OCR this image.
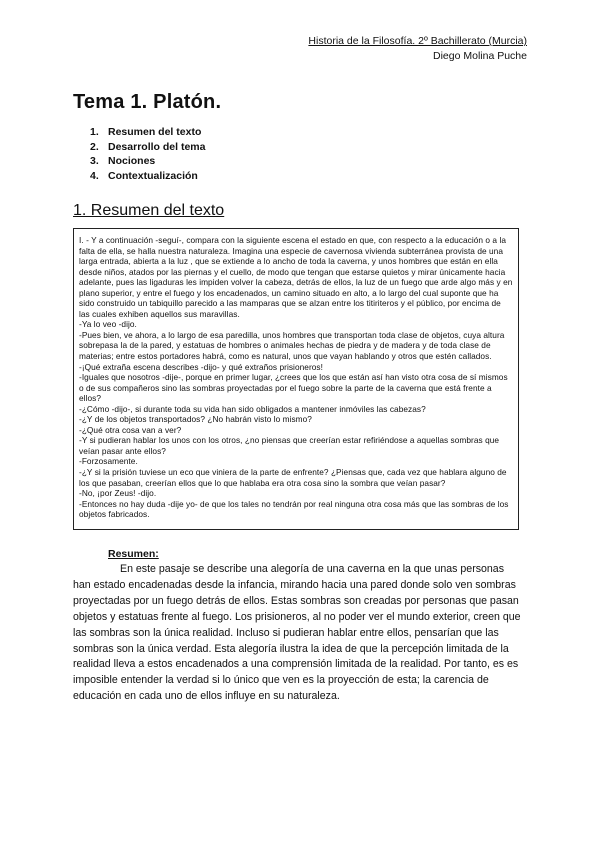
Historia de la Filosofía. 2º Bachillerato (Murcia)
Diego Molina Puche
Tema 1. Platón.
1. Resumen del texto
2. Desarrollo del tema
3. Nociones
4. Contextualización
1. Resumen del texto

I. - Y a continuación -seguí-, compara con la siguiente escena el estado en que, con respecto a la educación o a la falta de ella, se halla nuestra naturaleza. Imagina una especie de cavernosa vivienda subterránea provista de una larga entrada, abierta a la luz , que se extiende a lo ancho de toda la caverna, y unos hombres que están en ella desde niños, atados por las piernas y el cuello, de modo que tengan que estarse quietos y mirar únicamente hacia adelante, pues las ligaduras les impiden volver la cabeza, detrás de ellos, la luz de un fuego que arde algo más y en plano superior, y entre el fuego y los encadenados, un camino situado en alto, a lo largo del cual suponte que ha sido construido un tabiquillo parecido a las mamparas que se alzan entre los titiriteros y el público, por encima de las cuales exhiben aquellos sus maravillas.

-Ya lo veo -dijo.

-Pues bien, ve ahora, a lo largo de esa paredilla, unos hombres que transportan toda clase de objetos, cuya altura sobrepasa la de la pared, y estatuas de hombres o animales hechas de piedra y de madera y de toda clase de materias; entre estos portadores habrá, como es natural, unos que vayan hablando y otros que estén callados.

-¡Qué extraña escena describes -dijo- y qué extraños prisioneros!

-Iguales que nosotros -dije-, porque en primer lugar, ¿crees que los que están así han visto otra cosa de sí mismos o de sus compañeros sino las sombras proyectadas por el fuego sobre la parte de la caverna que está frente a ellos?

-¿Cómo -dijo-, si durante toda su vida han sido obligados a mantener inmóviles las cabezas?

-¿Y de los objetos transportados? ¿No habrán visto lo mismo?

-¿Qué otra cosa van a ver?

-Y si pudieran hablar los unos con los otros, ¿no piensas que creerían estar refiriéndose a aquellas sombras que veían pasar ante ellos?

-Forzosamente.

-¿Y si la prisión tuviese un eco que viniera de la parte de enfrente? ¿Piensas que, cada vez que hablara alguno de los que pasaban, creerían ellos que lo que hablaba era otra cosa sino la sombra que veían pasar?

-No, ¡por Zeus! -dijo.

-Entonces no hay duda -dije yo- de que los tales no tendrán por real ninguna otra cosa más que las sombras de los objetos fabricados.

Resumen:

En este pasaje se describe una alegoría de una caverna en la que unas personas han estado encadenadas desde la infancia, mirando hacia una pared donde solo ven sombras proyectadas por un fuego detrás de ellos. Estas sombras son creadas por personas que pasan objetos y estatuas frente al fuego. Los prisioneros, al no poder ver el mundo exterior, creen que las sombras son la única realidad. Incluso si pudieran hablar entre ellos, pensarían que las sombras son la única verdad. Esta alegoría ilustra la idea de que la percepción limitada de la realidad lleva a estos encadenados a una comprensión limitada de la realidad. Por tanto, es es imposible entender la verdad si lo único que ven es la proyección de esta; la carencia de educación en cada uno de ellos influye en su naturaleza.
